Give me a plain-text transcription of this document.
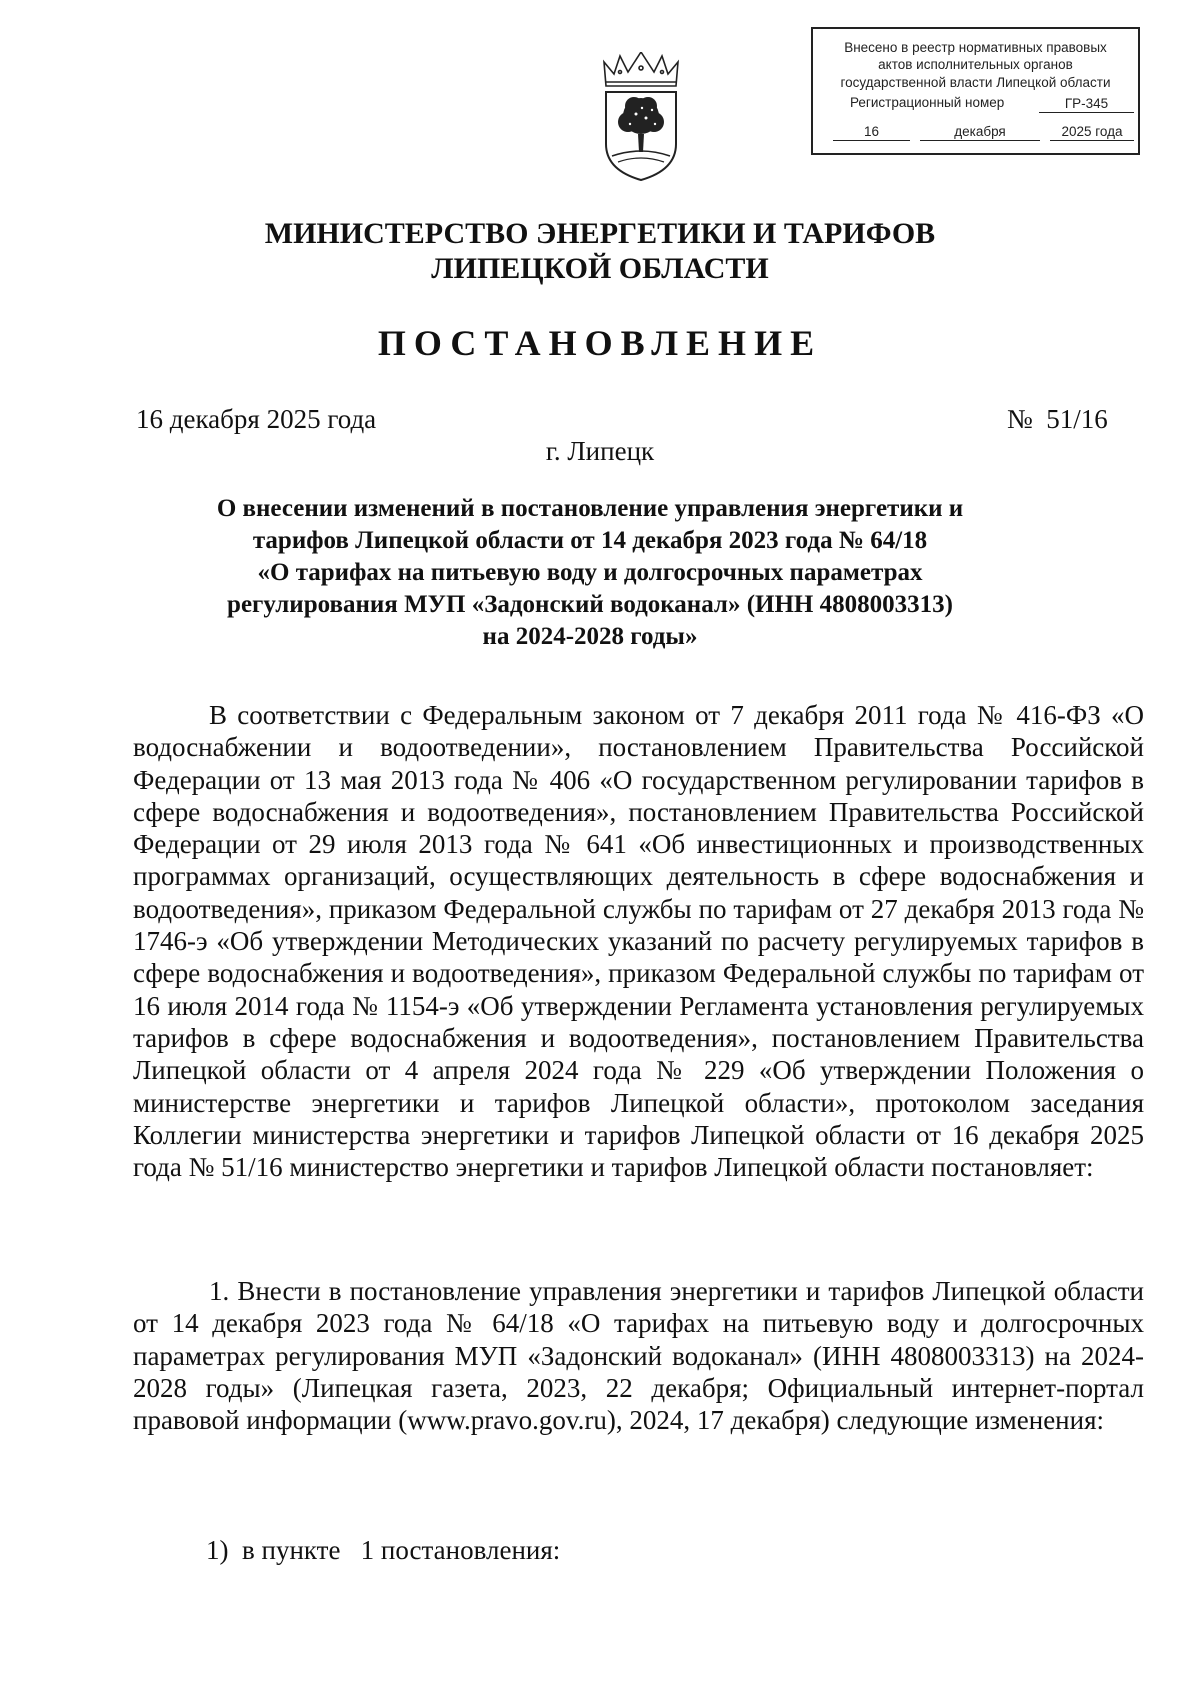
Внесено в реестр нормативных правовых
актов исполнительных органов
государственной власти Липецкой области
Регистрационный номер	ГР-345
16	декабря	2025 года
МИНИСТЕРСТВО ЭНЕРГЕТИКИ И ТАРИФОВ
ЛИПЕЦКОЙ ОБЛАСТИ
ПОСТАНОВЛЕНИЕ
16 декабря 2025 года	№  51/16
г. Липецк
О внесении изменений в постановление управления энергетики и
тарифов Липецкой области от 14 декабря 2023 года № 64/18
«О тарифах на питьевую воду и долгосрочных параметрах
регулирования МУП «Задонский водоканал» (ИНН 4808003313)
на 2024-2028 годы»

В соответствии с Федеральным законом от 7 декабря 2011 года № 416-ФЗ «О водоснабжении и водоотведении», постановлением Правительства Российской Федерации от 13 мая 2013 года № 406 «О государственном регулировании тарифов в сфере водоснабжения и водоотведения», постановлением Правительства Российской Федерации от 29 июля 2013 года № 641 «Об инвестиционных и производственных программах организаций, осуществляющих деятельность в сфере водоснабжения и водоотведения», приказом Федеральной службы по тарифам от 27 декабря 2013 года № 1746-э «Об утверждении Методических указаний по расчету регулируемых тарифов в сфере водоснабжения и водоотведения», приказом Федеральной службы по тарифам от 16 июля 2014 года № 1154-э «Об утверждении Регламента установления регулируемых тарифов в сфере водоснабжения и водоотведения», постановлением Правительства Липецкой области от 4 апреля 2024 года № 229 «Об утверждении Положения о министерстве энергетики и тарифов Липецкой области», протоколом заседания Коллегии министерства энергетики и тарифов Липецкой области от 16 декабря 2025 года № 51/16 министерство энергетики и тарифов Липецкой области постановляет:

1. Внести в постановление управления энергетики и тарифов Липецкой области от 14 декабря 2023 года № 64/18 «О тарифах на питьевую воду и долгосрочных параметрах регулирования МУП «Задонский водоканал» (ИНН 4808003313) на 2024-2028 годы» (Липецкая газета, 2023, 22 декабря; Официальный интернет-портал правовой информации (www.pravo.gov.ru), 2024, 17 декабря) следующие изменения:

1)  в пункте   1 постановления:
